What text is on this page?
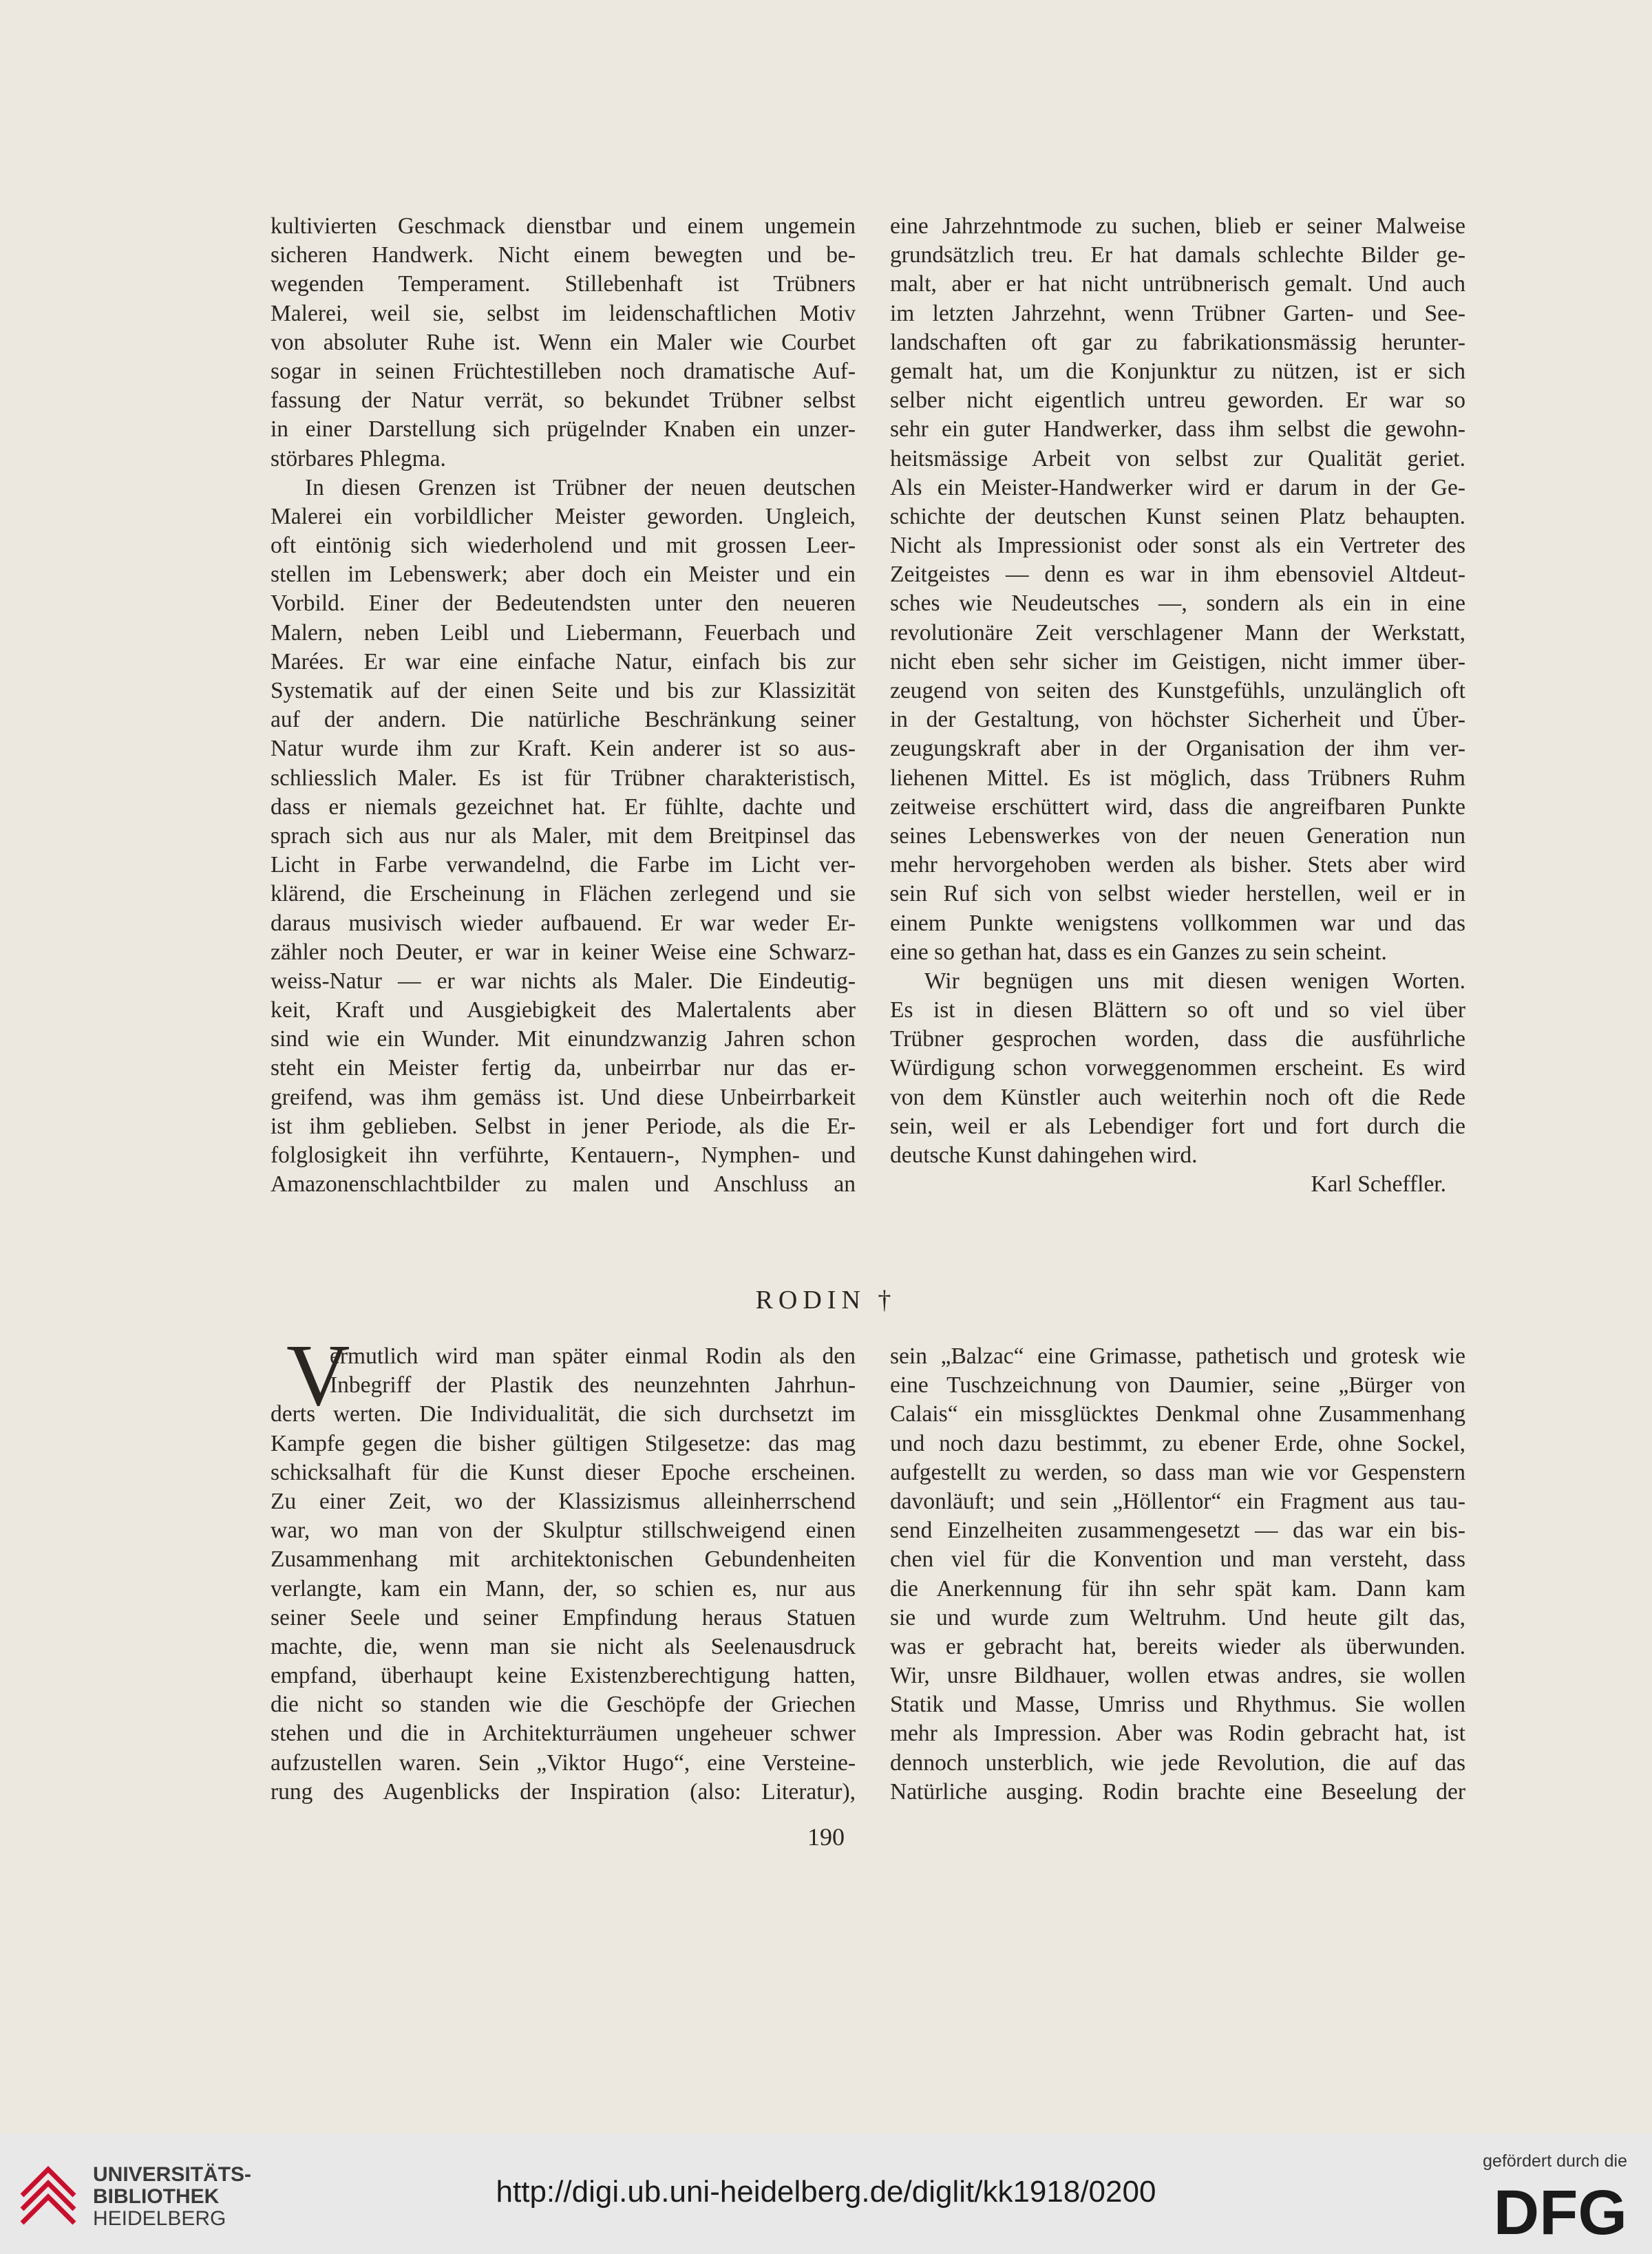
kultivierten Geschmack dienstbar und einem ungemein
sicheren Handwerk. Nicht einem bewegten und be-
wegenden Temperament. Stillebenhaft ist Trübners
Malerei, weil sie, selbst im leidenschaftlichen Motiv
von absoluter Ruhe ist. Wenn ein Maler wie Courbet
sogar in seinen Früchtestilleben noch dramatische Auf-
fassung der Natur verrät, so bekundet Trübner selbst
in einer Darstellung sich prügelnder Knaben ein unzer-
störbares Phlegma.
In diesen Grenzen ist Trübner der neuen deutschen
Malerei ein vorbildlicher Meister geworden. Ungleich,
oft eintönig sich wiederholend und mit grossen Leer-
stellen im Lebenswerk; aber doch ein Meister und ein
Vorbild. Einer der Bedeutendsten unter den neueren
Malern, neben Leibl und Liebermann, Feuerbach und
Marées. Er war eine einfache Natur, einfach bis zur
Systematik auf der einen Seite und bis zur Klassizität
auf der andern. Die natürliche Beschränkung seiner
Natur wurde ihm zur Kraft. Kein anderer ist so aus-
schliesslich Maler. Es ist für Trübner charakteristisch,
dass er niemals gezeichnet hat. Er fühlte, dachte und
sprach sich aus nur als Maler, mit dem Breitpinsel das
Licht in Farbe verwandelnd, die Farbe im Licht ver-
klärend, die Erscheinung in Flächen zerlegend und sie
daraus musivisch wieder aufbauend. Er war weder Er-
zähler noch Deuter, er war in keiner Weise eine Schwarz-
weiss-Natur — er war nichts als Maler. Die Eindeutig-
keit, Kraft und Ausgiebigkeit des Malertalents aber
sind wie ein Wunder. Mit einundzwanzig Jahren schon
steht ein Meister fertig da, unbeirrbar nur das er-
greifend, was ihm gemäss ist. Und diese Unbeirrbarkeit
ist ihm geblieben. Selbst in jener Periode, als die Er-
folglosigkeit ihn verführte, Kentauern-, Nymphen- und
Amazonenschlachtbilder zu malen und Anschluss an
eine Jahrzehntmode zu suchen, blieb er seiner Malweise
grundsätzlich treu. Er hat damals schlechte Bilder ge-
malt, aber er hat nicht untrübnerisch gemalt. Und auch
im letzten Jahrzehnt, wenn Trübner Garten- und See-
landschaften oft gar zu fabrikationsmässig herunter-
gemalt hat, um die Konjunktur zu nützen, ist er sich
selber nicht eigentlich untreu geworden. Er war so
sehr ein guter Handwerker, dass ihm selbst die gewohn-
heitsmässige Arbeit von selbst zur Qualität geriet.
Als ein Meister-Handwerker wird er darum in der Ge-
schichte der deutschen Kunst seinen Platz behaupten.
Nicht als Impressionist oder sonst als ein Vertreter des
Zeitgeistes — denn es war in ihm ebensoviel Altdeut-
sches wie Neudeutsches —, sondern als ein in eine
revolutionäre Zeit verschlagener Mann der Werkstatt,
nicht eben sehr sicher im Geistigen, nicht immer über-
zeugend von seiten des Kunstgefühls, unzulänglich oft
in der Gestaltung, von höchster Sicherheit und Über-
zeugungskraft aber in der Organisation der ihm ver-
liehenen Mittel. Es ist möglich, dass Trübners Ruhm
zeitweise erschüttert wird, dass die angreifbaren Punkte
seines Lebenswerkes von der neuen Generation nun
mehr hervorgehoben werden als bisher. Stets aber wird
sein Ruf sich von selbst wieder herstellen, weil er in
einem Punkte wenigstens vollkommen war und das
eine so gethan hat, dass es ein Ganzes zu sein scheint.
Wir begnügen uns mit diesen wenigen Worten.
Es ist in diesen Blättern so oft und so viel über
Trübner gesprochen worden, dass die ausführliche
Würdigung schon vorweggenommen erscheint. Es wird
von dem Künstler auch weiterhin noch oft die Rede
sein, weil er als Lebendiger fort und fort durch die
deutsche Kunst dahingehen wird.
Karl Scheffler.
RODIN †
V
ermutlich wird man später einmal Rodin als den
Inbegriff der Plastik des neunzehnten Jahrhun-
derts werten. Die Individualität, die sich durchsetzt im
Kampfe gegen die bisher gültigen Stilgesetze: das mag
schicksalhaft für die Kunst dieser Epoche erscheinen.
Zu einer Zeit, wo der Klassizismus alleinherrschend
war, wo man von der Skulptur stillschweigend einen
Zusammenhang mit architektonischen Gebundenheiten
verlangte, kam ein Mann, der, so schien es, nur aus
seiner Seele und seiner Empfindung heraus Statuen
machte, die, wenn man sie nicht als Seelenausdruck
empfand, überhaupt keine Existenzberechtigung hatten,
die nicht so standen wie die Geschöpfe der Griechen
stehen und die in Architekturräumen ungeheuer schwer
aufzustellen waren. Sein „Viktor Hugo“, eine Versteine-
rung des Augenblicks der Inspiration (also: Literatur),
sein „Balzac“ eine Grimasse, pathetisch und grotesk wie
eine Tuschzeichnung von Daumier, seine „Bürger von
Calais“ ein missglücktes Denkmal ohne Zusammenhang
und noch dazu bestimmt, zu ebener Erde, ohne Sockel,
aufgestellt zu werden, so dass man wie vor Gespenstern
davonläuft; und sein „Höllentor“ ein Fragment aus tau-
send Einzelheiten zusammengesetzt — das war ein bis-
chen viel für die Konvention und man versteht, dass
die Anerkennung für ihn sehr spät kam. Dann kam
sie und wurde zum Weltruhm. Und heute gilt das,
was er gebracht hat, bereits wieder als überwunden.
Wir, unsre Bildhauer, wollen etwas andres, sie wollen
Statik und Masse, Umriss und Rhythmus. Sie wollen
mehr als Impression. Aber was Rodin gebracht hat, ist
dennoch unsterblich, wie jede Revolution, die auf das
Natürliche ausging. Rodin brachte eine Beseelung der
190
UNIVERSITÄTS-
BIBLIOTHEK
HEIDELBERG
http://digi.ub.uni-heidelberg.de/diglit/kk1918/0200
gefördert durch die
DFG
